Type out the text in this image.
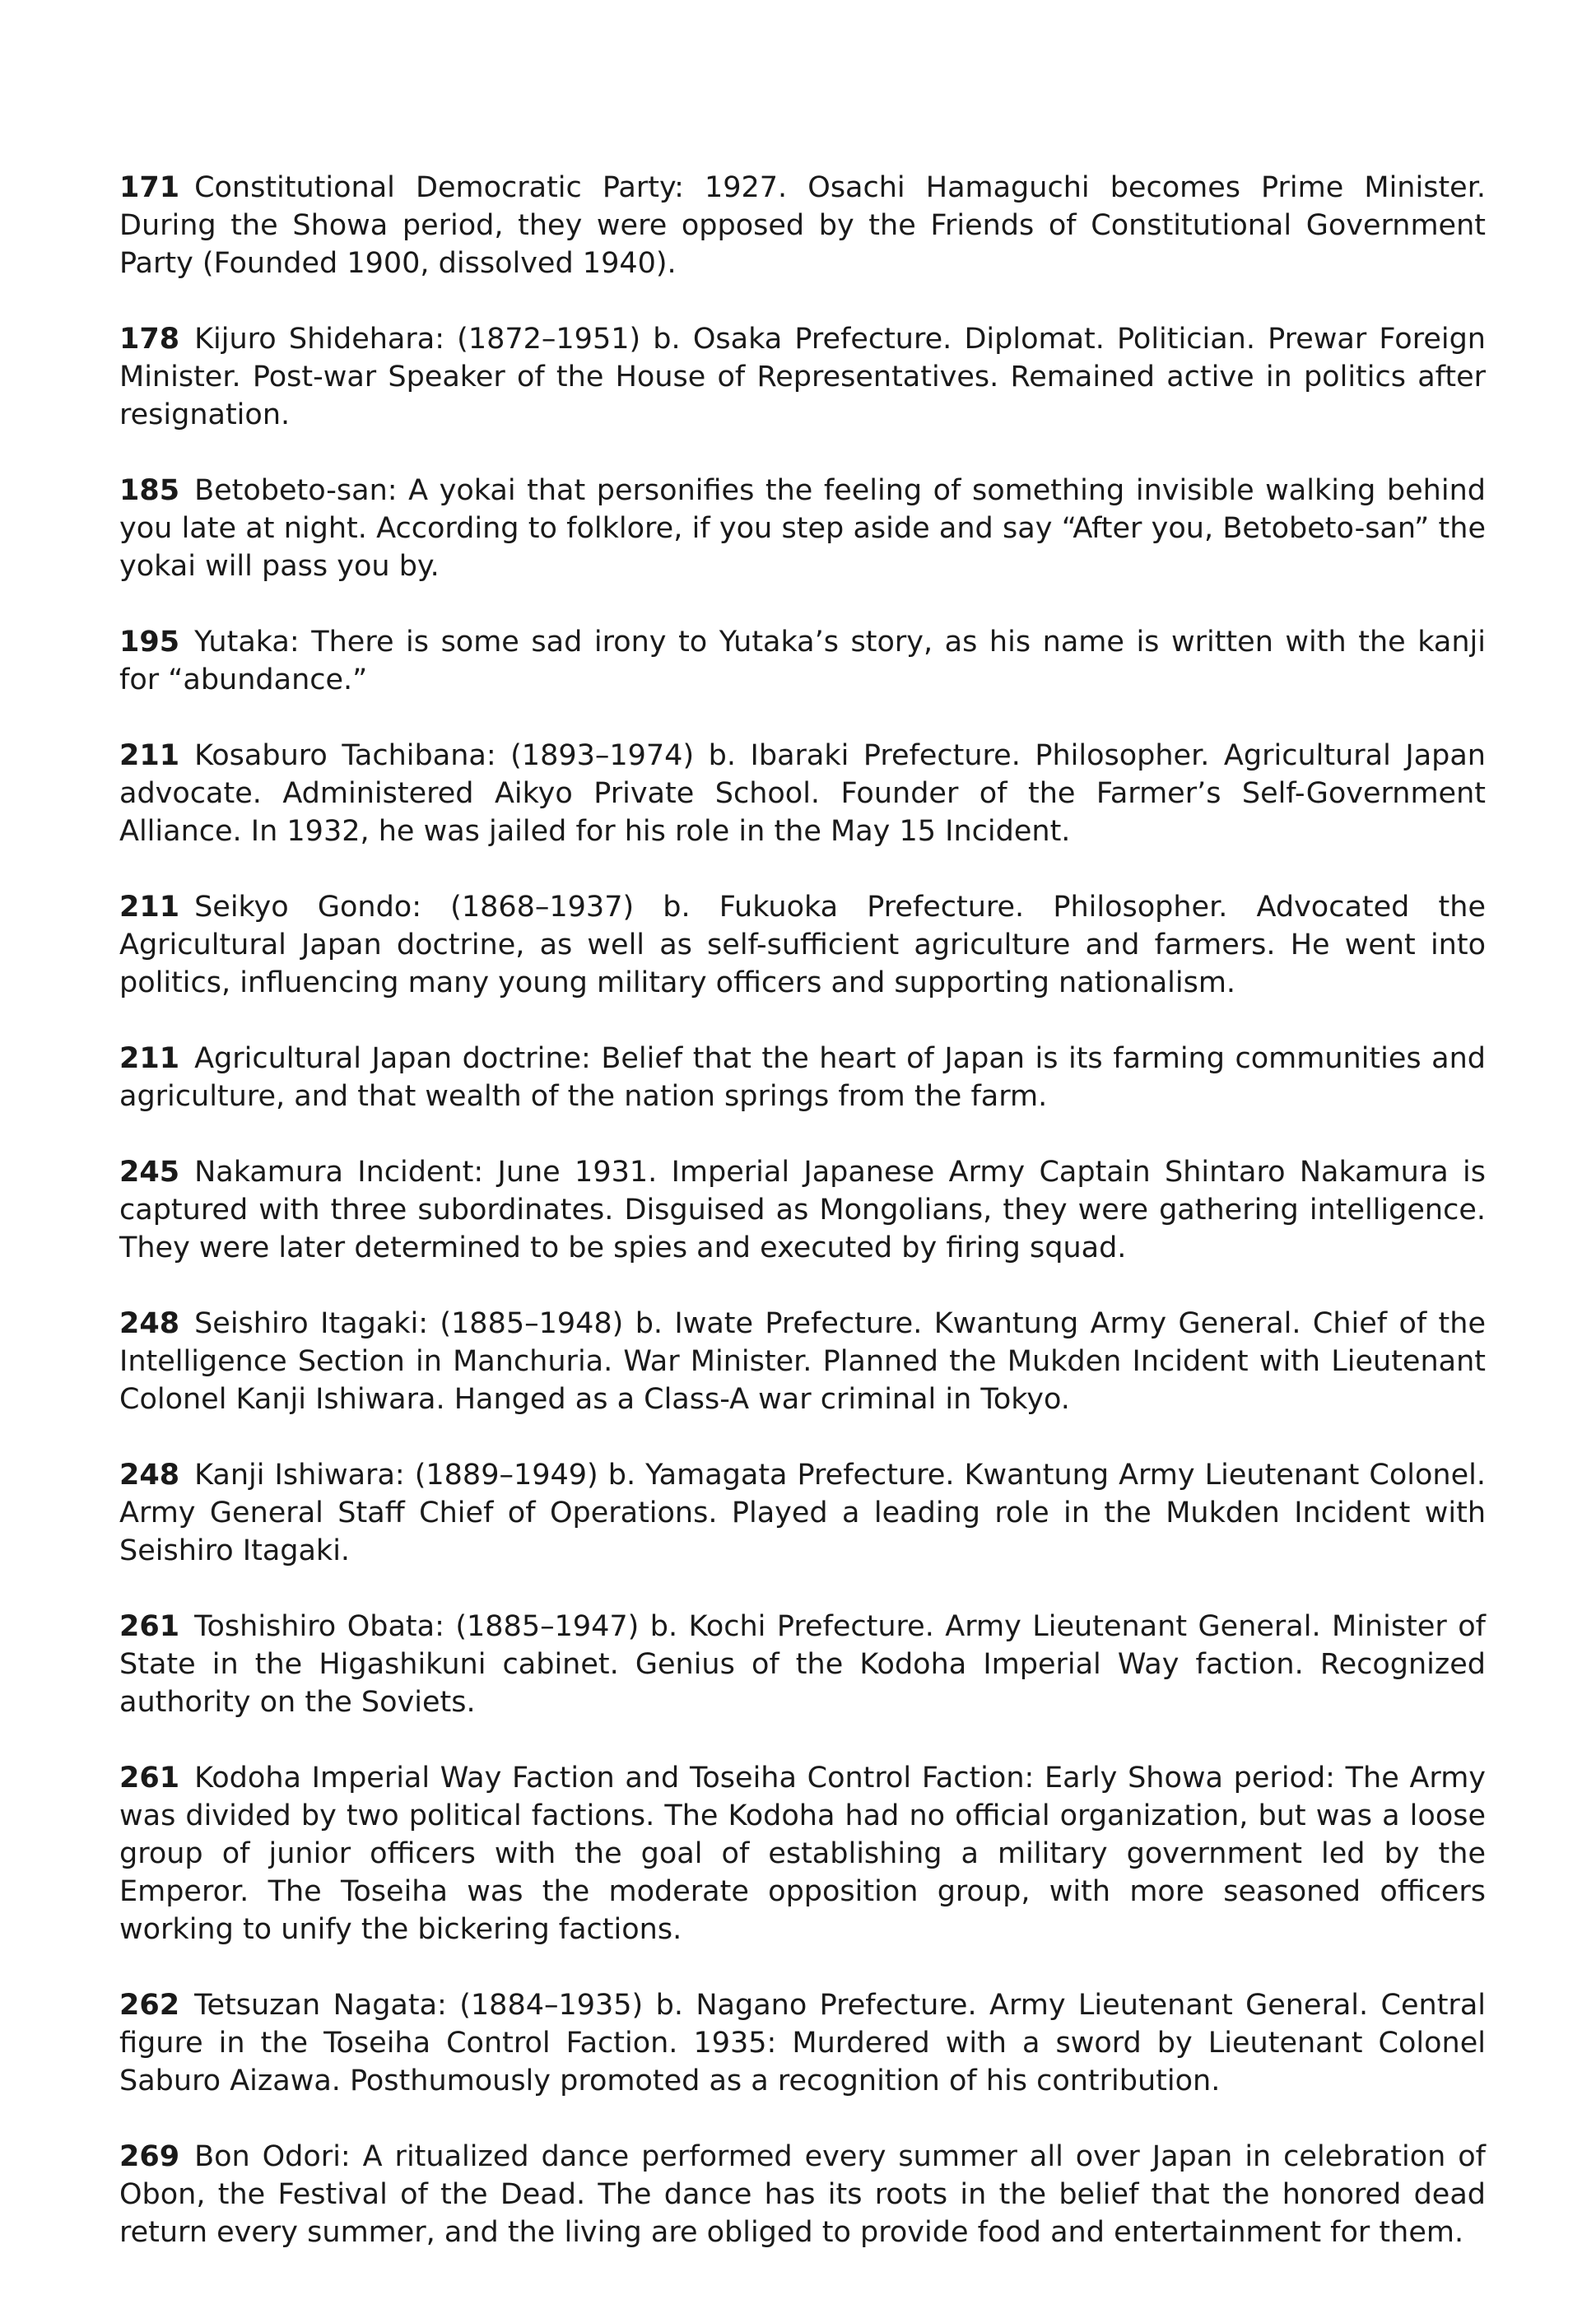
171 Constitutional Democratic Party: 1927. Osachi Hamaguchi becomes Prime Minister. During the Showa period, they were opposed by the Friends of Constitutional Government Party (Founded 1900, dissolved 1940).

178 Kijuro Shidehara: (1872–1951) b. Osaka Prefecture. Diplomat. Politician. Prewar Foreign Minister. Post-war Speaker of the House of Representatives. Remained active in politics after resignation.

185 Betobeto-san: A yokai that personifies the feeling of something invisible walking behind you late at night. According to folklore, if you step aside and say “After you, Betobeto-san” the yokai will pass you by.

195 Yutaka: There is some sad irony to Yutaka’s story, as his name is written with the kanji for “abundance.”

211 Kosaburo Tachibana: (1893–1974) b. Ibaraki Prefecture. Philosopher. Agricultural Japan advocate. Administered Aikyo Private School. Founder of the Farmer’s Self-Government Alliance. In 1932, he was jailed for his role in the May 15 Incident.

211 Seikyo Gondo: (1868–1937) b. Fukuoka Prefecture. Philosopher. Advocated the Agricultural Japan doctrine, as well as self-sufficient agriculture and farmers. He went into politics, influencing many young military officers and supporting nationalism.

211 Agricultural Japan doctrine: Belief that the heart of Japan is its farming communities and agriculture, and that wealth of the nation springs from the farm.

245 Nakamura Incident: June 1931. Imperial Japanese Army Captain Shintaro Nakamura is captured with three subordinates. Disguised as Mongolians, they were gathering intelligence. They were later determined to be spies and executed by firing squad.

248 Seishiro Itagaki: (1885–1948) b. Iwate Prefecture. Kwantung Army General. Chief of the Intelligence Section in Manchuria. War Minister. Planned the Mukden Incident with Lieutenant Colonel Kanji Ishiwara. Hanged as a Class-A war criminal in Tokyo.

248 Kanji Ishiwara: (1889–1949) b. Yamagata Prefecture. Kwantung Army Lieutenant Colonel. Army General Staff Chief of Operations. Played a leading role in the Mukden Incident with Seishiro Itagaki.

261 Toshishiro Obata: (1885–1947) b. Kochi Prefecture. Army Lieutenant General. Minister of State in the Higashikuni cabinet. Genius of the Kodoha Imperial Way faction. Recognized authority on the Soviets.

261 Kodoha Imperial Way Faction and Toseiha Control Faction: Early Showa period: The Army was divided by two political factions. The Kodoha had no official organization, but was a loose group of junior officers with the goal of establishing a military government led by the Emperor. The Toseiha was the moderate opposition group, with more seasoned officers working to unify the bickering factions.

262 Tetsuzan Nagata: (1884–1935) b. Nagano Prefecture. Army Lieutenant General. Central figure in the Toseiha Control Faction. 1935: Murdered with a sword by Lieutenant Colonel Saburo Aizawa. Posthumously promoted as a recognition of his contribution.

269 Bon Odori: A ritualized dance performed every summer all over Japan in celebration of Obon, the Festival of the Dead. The dance has its roots in the belief that the honored dead return every summer, and the living are obliged to provide food and entertainment for them.
